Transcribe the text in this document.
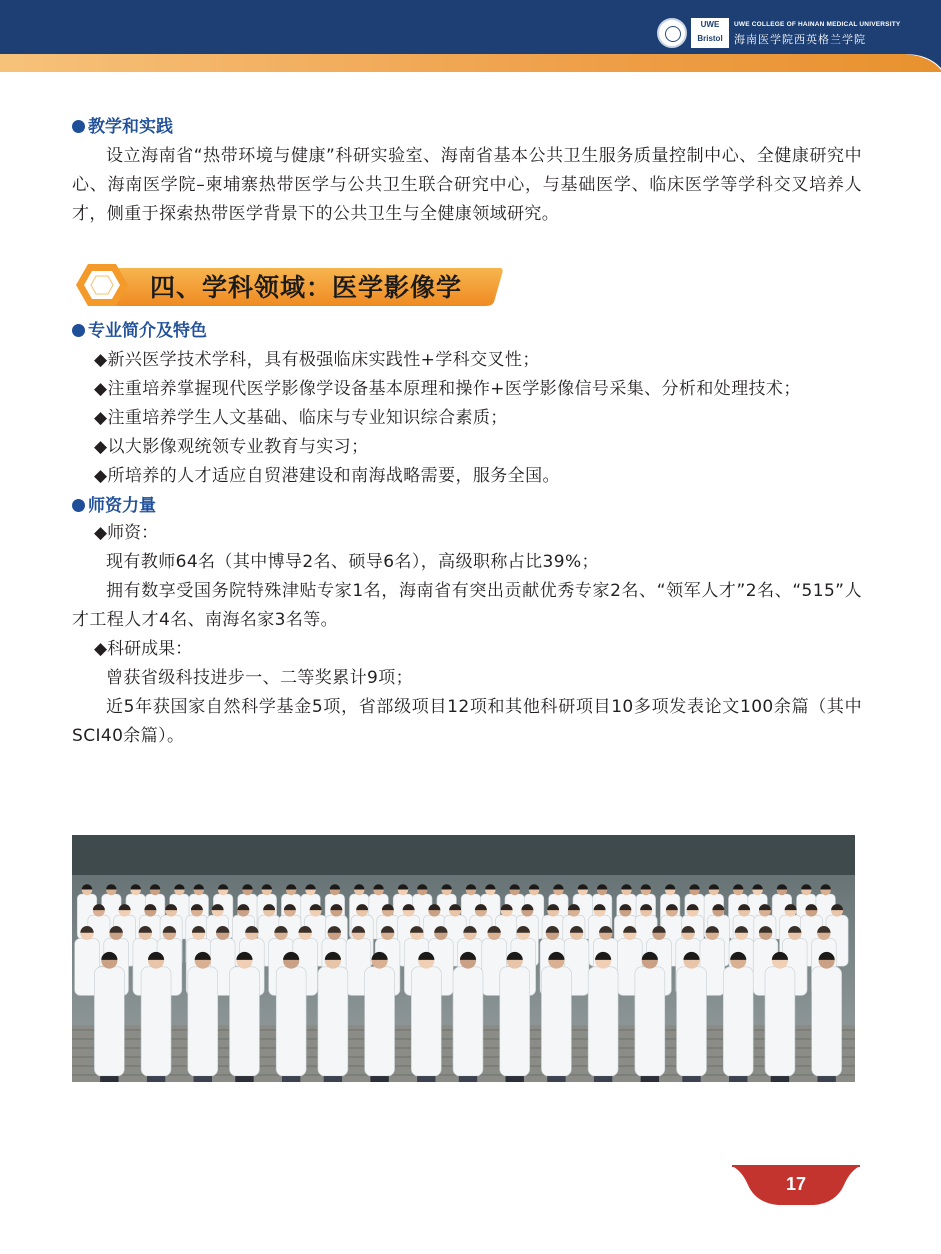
UWE
Bristol
UWE COLLEGE OF HAINAN MEDICAL UNIVERSITY
海南医学院西英格兰学院
教学和实践
设立海南省“热带环境与健康”科研实验室、海南省基本公共卫生服务质量控制中心、全健康研究中心、海南医学院–柬埔寨热带医学与公共卫生联合研究中心，与基础医学、临床医学等学科交叉培养人才，侧重于探索热带医学背景下的公共卫生与全健康领域研究。
四、学科领域：医学影像学
专业简介及特色
◆新兴医学技术学科，具有极强临床实践性+学科交叉性；
◆注重培养掌握现代医学影像学设备基本原理和操作+医学影像信号采集、分析和处理技术；
◆注重培养学生人文基础、临床与专业知识综合素质；
◆以大影像观统领专业教育与实习；
◆所培养的人才适应自贸港建设和南海战略需要，服务全国。
师资力量
◆师资：
现有教师64名（其中博导2名、硕导6名），高级职称占比39%；
拥有数享受国务院特殊津贴专家1名，海南省有突出贡献优秀专家2名、“领军人才”2名、“515”人才工程人才4名、南海名家3名等。
◆科研成果：
曾获省级科技进步一、二等奖累计9项；
近5年获国家自然科学基金5项，省部级项目12项和其他科研项目10多项发表论文100余篇（其中SCI40余篇）。
17
